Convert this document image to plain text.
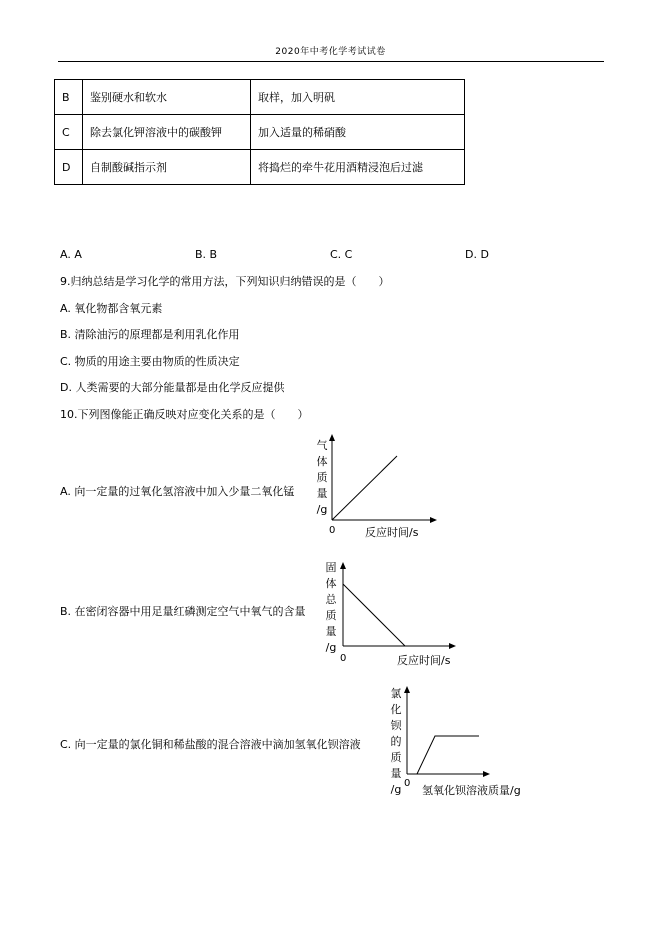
2020年中考化学考试试卷
B	鉴别硬水和软水	取样，加入明矾
C	除去氯化钾溶液中的碳酸钾	加入适量的稀硝酸
D	自制酸碱指示剂	将捣烂的牵牛花用酒精浸泡后过滤
A. A	B. B	C. C	D. D
9.归纳总结是学习化学的常用方法，下列知识归纳错误的是（　　）
A. 氧化物都含氧元素
B. 清除油污的原理都是利用乳化作用
C. 物质的用途主要由物质的性质决定
D. 人类需要的大部分能量都是由化学反应提供
10.下列图像能正确反映对应变化关系的是（　　）
A. 向一定量的过氧化氢溶液中加入少量二氧化锰
气
体
质
量
/g
0	反应时间/s
B. 在密闭容器中用足量红磷测定空气中氧气的含量
固
体
总
质
量
/g
0	反应时间/s
C. 向一定量的氯化铜和稀盐酸的混合溶液中滴加氢氧化钡溶液
氯
化
钡
的
质
量
/g 0
氢氧化钡溶液质量/g
